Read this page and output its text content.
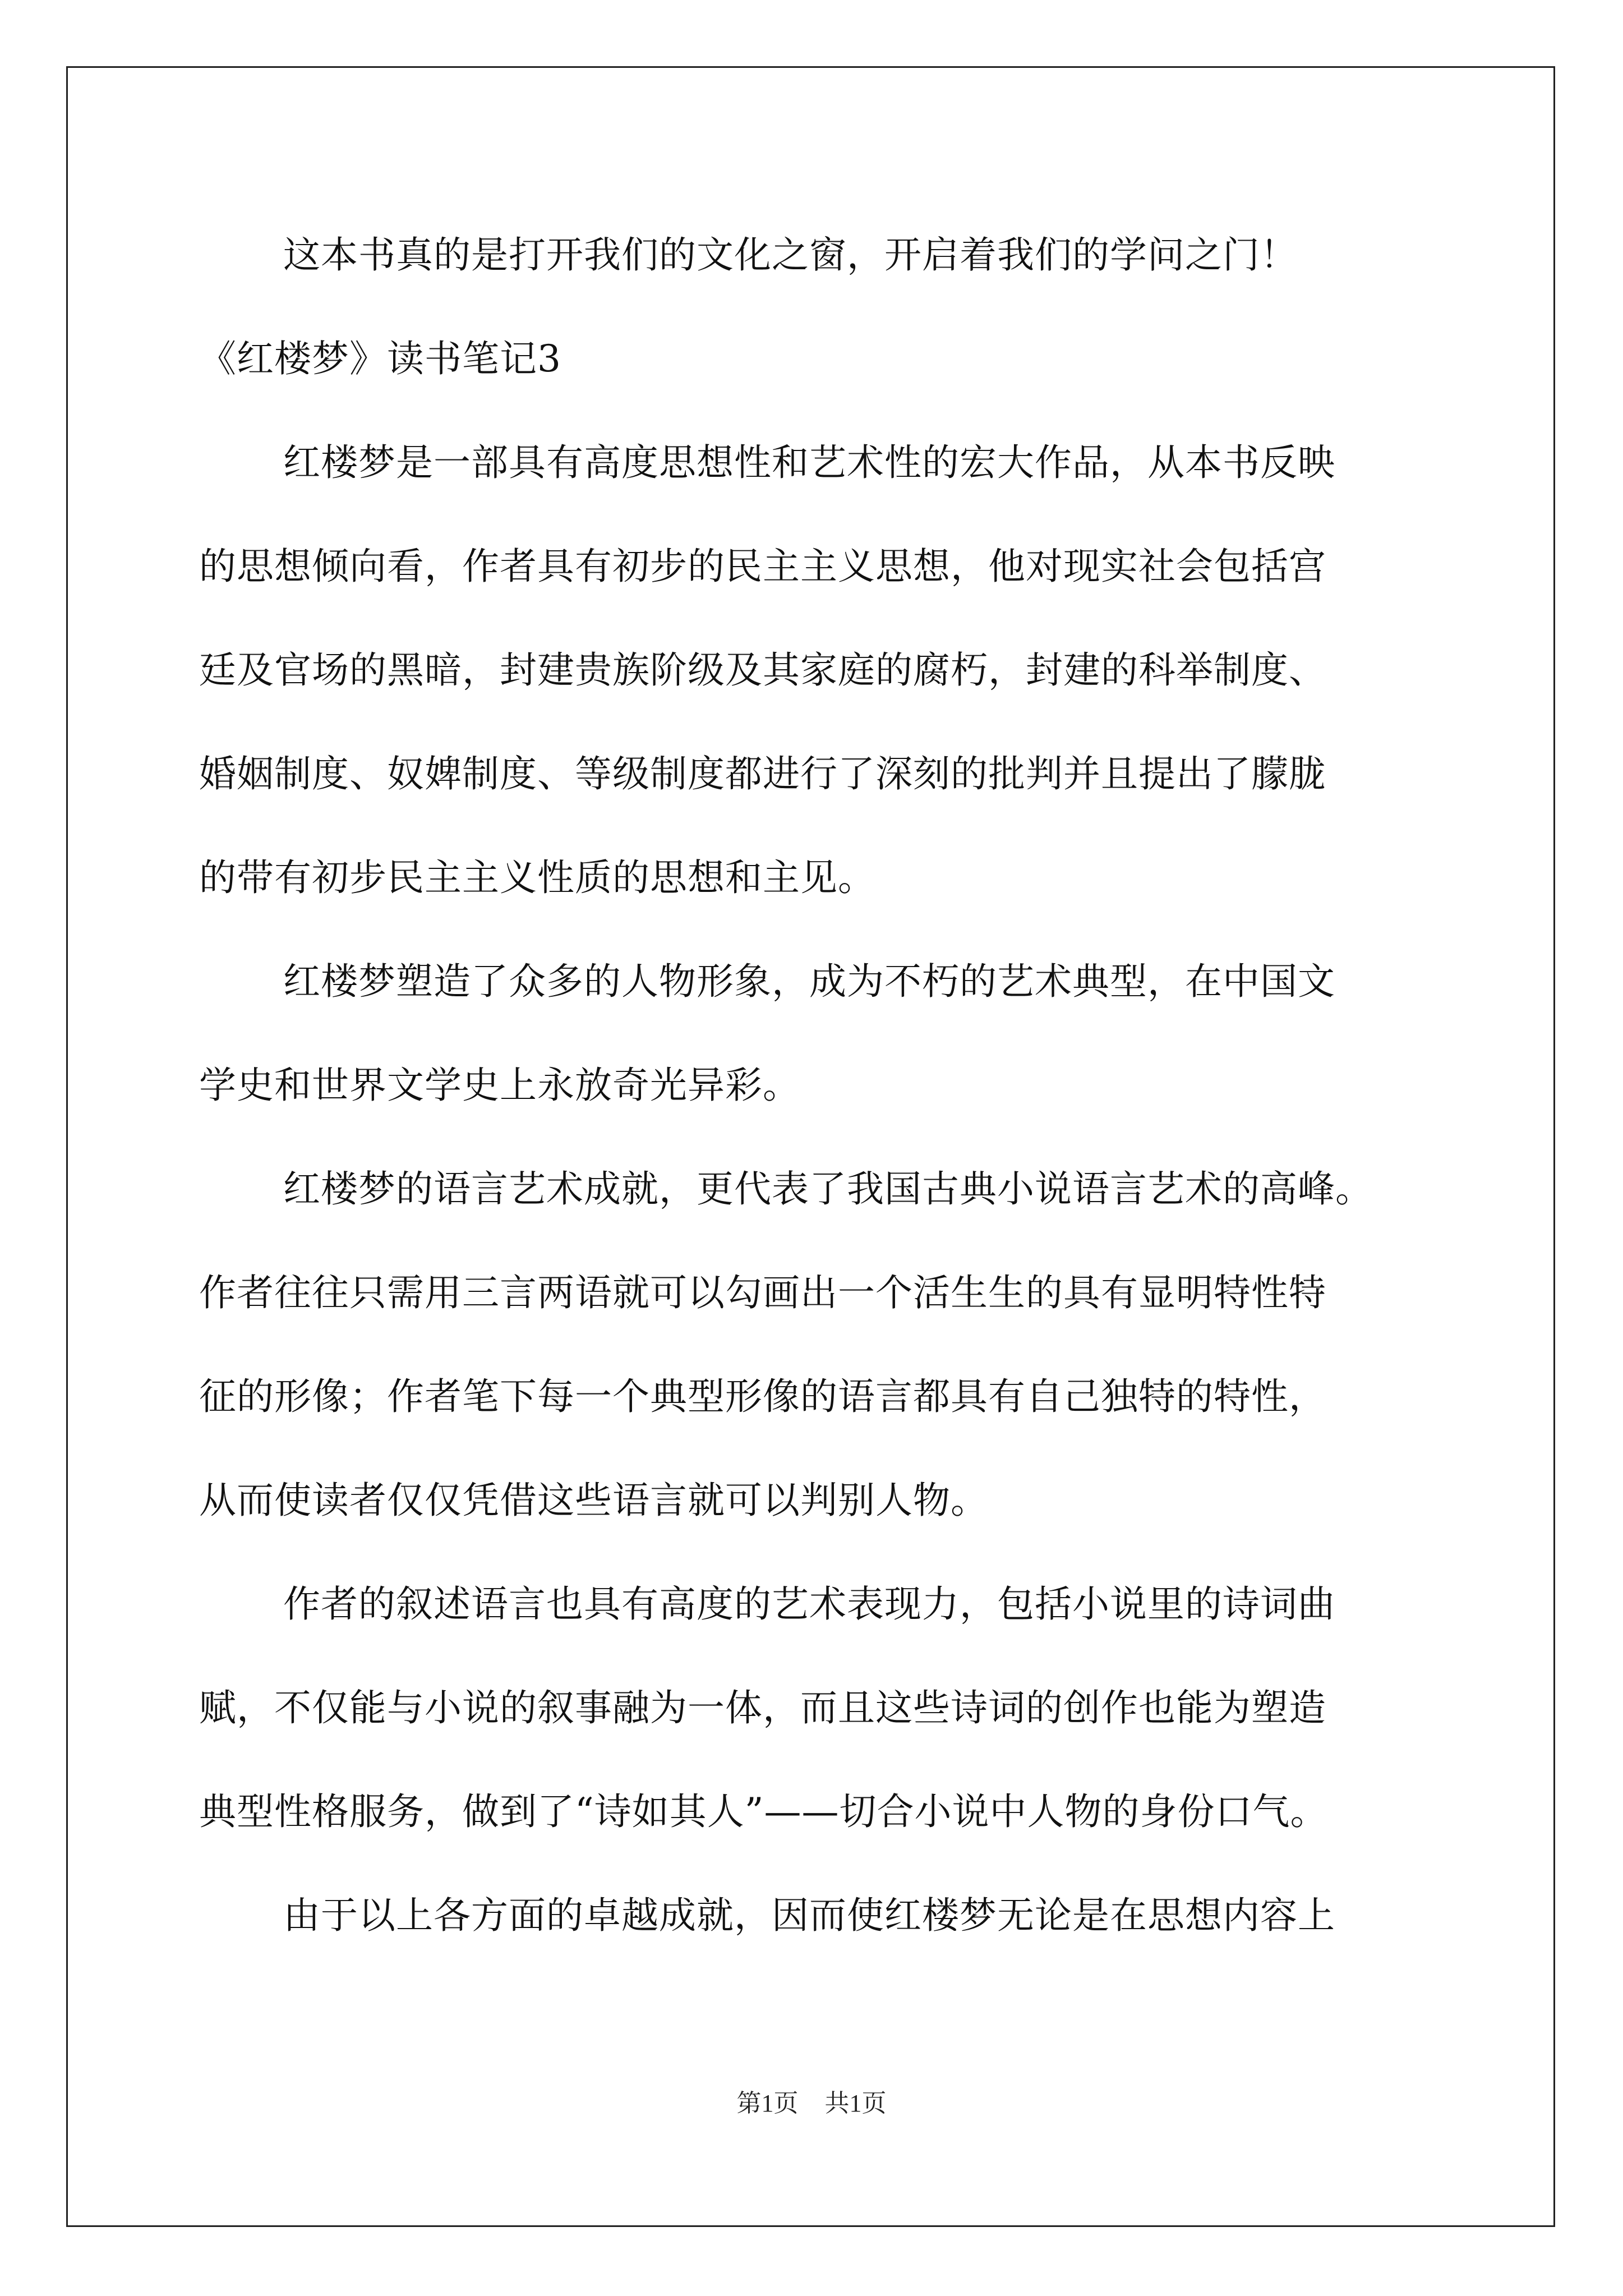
这本书真的是打开我们的文化之窗，开启着我们的学问之门！
《红楼梦》读书笔记3
红楼梦是一部具有高度思想性和艺术性的宏大作品，从本书反映
的思想倾向看，作者具有初步的民主主义思想，他对现实社会包括宫
廷及官场的黑暗，封建贵族阶级及其家庭的腐朽，封建的科举制度、
婚姻制度、奴婢制度、等级制度都进行了深刻的批判并且提出了朦胧
的带有初步民主主义性质的思想和主见。
红楼梦塑造了众多的人物形象，成为不朽的艺术典型，在中国文
学史和世界文学史上永放奇光异彩。
红楼梦的语言艺术成就，更代表了我国古典小说语言艺术的高峰。
作者往往只需用三言两语就可以勾画出一个活生生的具有显明特性特
征的形像；作者笔下每一个典型形像的语言都具有自己独特的特性，
从而使读者仅仅凭借这些语言就可以判别人物。
作者的叙述语言也具有高度的艺术表现力，包括小说里的诗词曲
赋，不仅能与小说的叙事融为一体，而且这些诗词的创作也能为塑造
典型性格服务，做到了“诗如其人”——切合小说中人物的身份口气。
由于以上各方面的卓越成就，因而使红楼梦无论是在思想内容上
第1页 共1页
